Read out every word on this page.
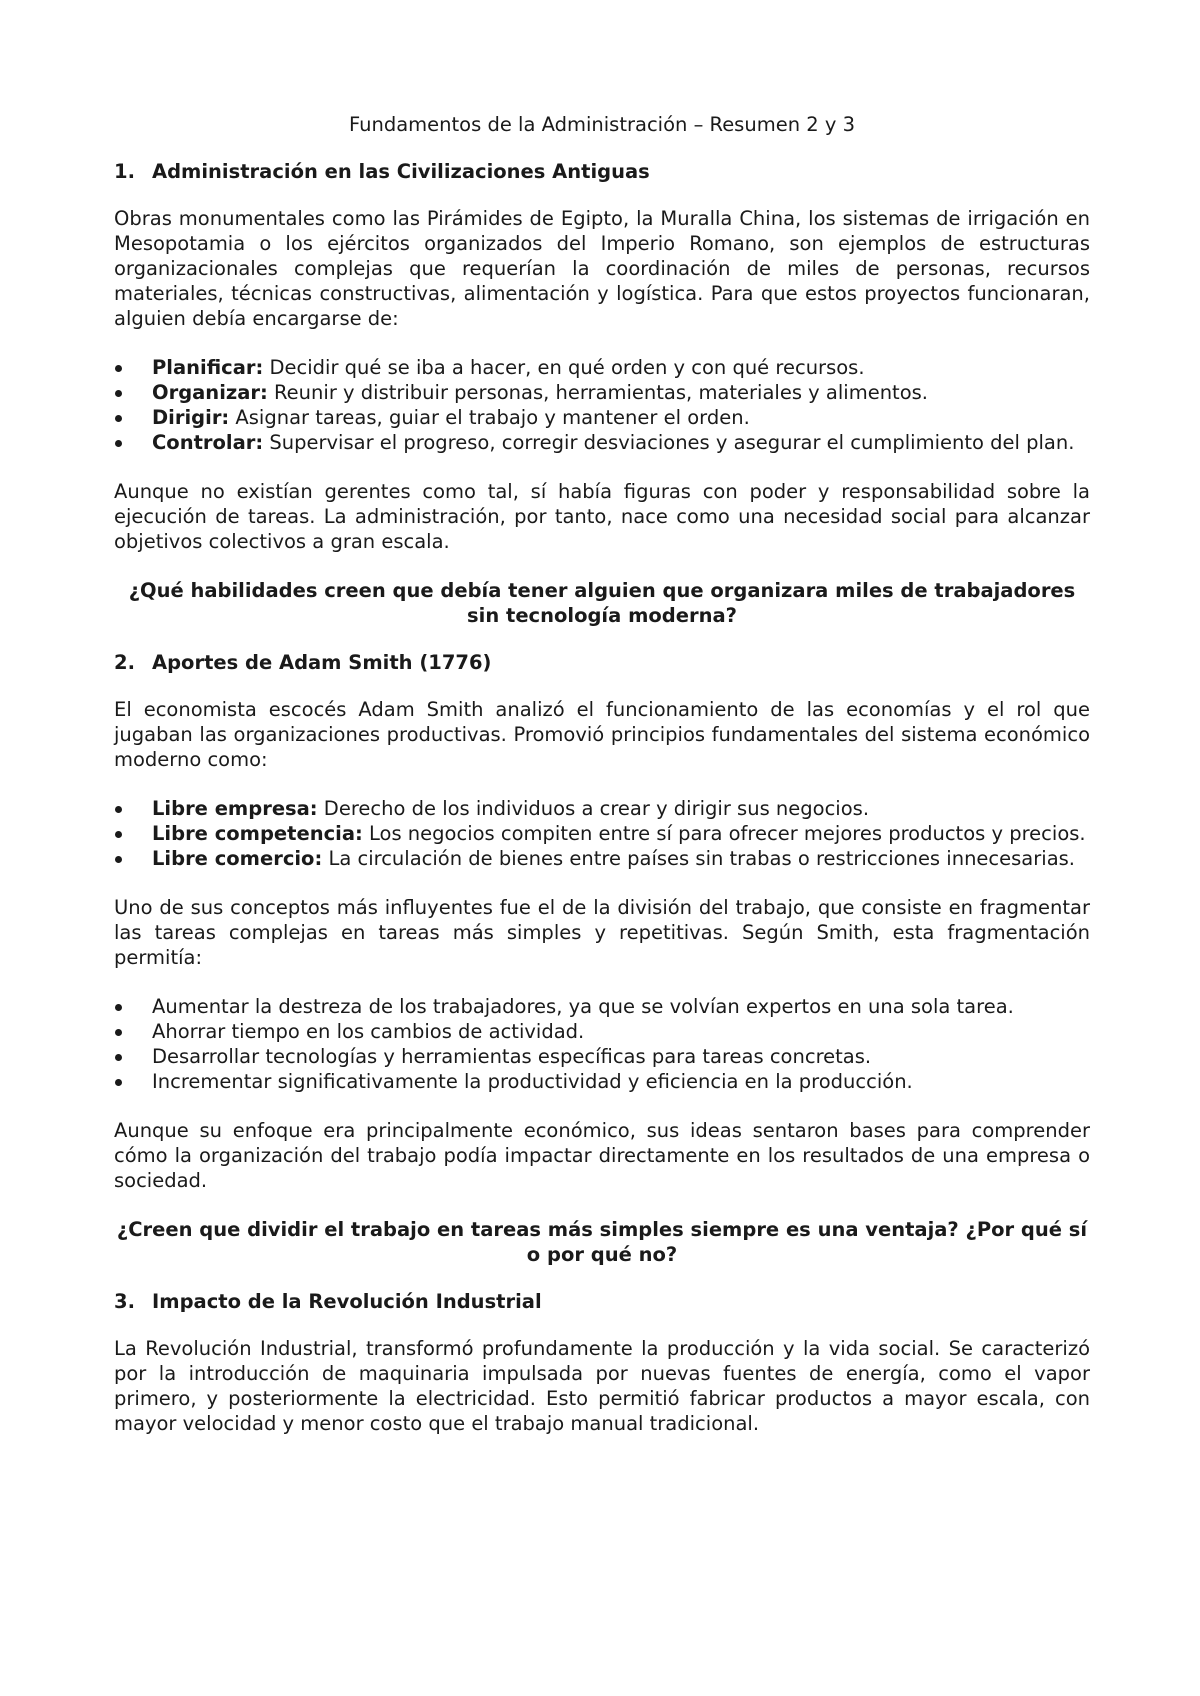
Fundamentos de la Administración – Resumen 2 y 3
1. Administración en las Civilizaciones Antiguas

Obras monumentales como las Pirámides de Egipto, la Muralla China, los sistemas de irrigación en Mesopotamia o los ejércitos organizados del Imperio Romano, son ejemplos de estructuras organizacionales complejas que requerían la coordinación de miles de personas, recursos materiales, técnicas constructivas, alimentación y logística. Para que estos proyectos funcionaran, alguien debía encargarse de:

Planificar: Decidir qué se iba a hacer, en qué orden y con qué recursos.
Organizar: Reunir y distribuir personas, herramientas, materiales y alimentos.
Dirigir: Asignar tareas, guiar el trabajo y mantener el orden.
Controlar: Supervisar el progreso, corregir desviaciones y asegurar el cumplimiento del plan.

Aunque no existían gerentes como tal, sí había figuras con poder y responsabilidad sobre la ejecución de tareas. La administración, por tanto, nace como una necesidad social para alcanzar objetivos colectivos a gran escala.

¿Qué habilidades creen que debía tener alguien que organizara miles de trabajadores sin tecnología moderna?
2. Aportes de Adam Smith (1776)

El economista escocés Adam Smith analizó el funcionamiento de las economías y el rol que jugaban las organizaciones productivas. Promovió principios fundamentales del sistema económico moderno como:

Libre empresa: Derecho de los individuos a crear y dirigir sus negocios.
Libre competencia: Los negocios compiten entre sí para ofrecer mejores productos y precios.
Libre comercio: La circulación de bienes entre países sin trabas o restricciones innecesarias.

Uno de sus conceptos más influyentes fue el de la división del trabajo, que consiste en fragmentar las tareas complejas en tareas más simples y repetitivas. Según Smith, esta fragmentación permitía:

Aumentar la destreza de los trabajadores, ya que se volvían expertos en una sola tarea.
Ahorrar tiempo en los cambios de actividad.
Desarrollar tecnologías y herramientas específicas para tareas concretas.
Incrementar significativamente la productividad y eficiencia en la producción.

Aunque su enfoque era principalmente económico, sus ideas sentaron bases para comprender cómo la organización del trabajo podía impactar directamente en los resultados de una empresa o sociedad.

¿Creen que dividir el trabajo en tareas más simples siempre es una ventaja? ¿Por qué sí o por qué no?
3. Impacto de la Revolución Industrial

La Revolución Industrial, transformó profundamente la producción y la vida social. Se caracterizó por la introducción de maquinaria impulsada por nuevas fuentes de energía, como el vapor primero, y posteriormente la electricidad. Esto permitió fabricar productos a mayor escala, con mayor velocidad y menor costo que el trabajo manual tradicional.
